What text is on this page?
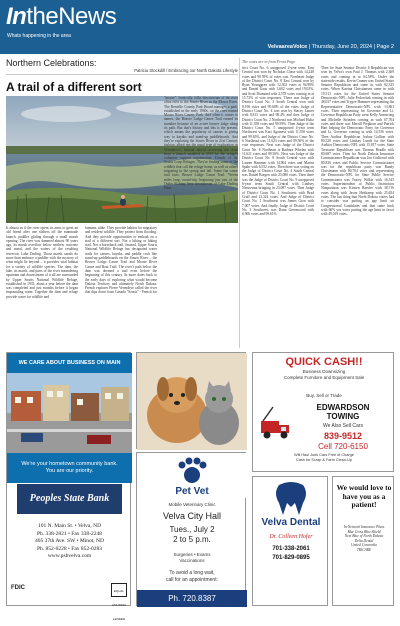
IntheNews
Whats happening in the area
VelvaareaVoice | Thursday, June 20, 2024 | Page 2
Northern Celebrations:	The votes are in from Front Page
Patricia Stockdill / Embracing our North Dakota Lifestyle
A trail of a different sort

It almost as if the river opens its arms to greet an old friend after one slithers off the manmade launch, paddles gliding through a small marsh opening. The river was dammed almost 90 years ago, its marsh overflow below earthen, concrete and metal, and the waters of the resulting reservoir, Lake Darling. Those marsh canals do more than embrace a paddler with the mystery of what might lie beyond – it provides vital habitat for a variety of wildlife species. The dam, the lake, its marsh, and parts of the river meandering upstream and downstream of it all are surrounded by Upper Souris National Wildlife Refuge, established in 1935, about a year before the dam was completed and just months before it began impounding water. Together the dam and refuge provide water for wildlife and

humans, alike. They provide habitat for migratory and resident wildlife. They protect from flooding. And they provide opportunities to embark on a trail of a different sort. Not a hiking or biking trail. Not a horseback trail. Instead, Upper Souris National Wildlife Refuge has designated water trails for canoes, kayaks, and paddle craft like stand-up paddleboards on the Souris River – the Beaver Lodge Canoe Trail and Mouse River Canoe and Boat Trail. The river's path below the dam was deemed a trail even before the beginning of this century. In more dates back to the early days of exploring what would become Dakota Territory and ultimately North Dakota. French explorer Pierre Verendrye called the river that dips down from Canada "Souris" - French for

"mouse". Ironically, folks downstream of the river often refer to the Souris River as the Mouse River. The Renville County Park Board manages a park, established in the early 1960s, on the river named Mouse River County Park. And when it comes to names, the Beaver Lodge Canoe Trail earned its moniker because of an active beaver lodge along its path. But that's history and this is the present, which means the popularity of canoes is giving way to kayaks and stand-up paddleboards. And they're exploring the Souris River in 21st Century fashion, albeit not the usual type of exploration as Verendrye's. Instead they're accessing the river from a launch installed in 2019 by the refuge's volunteer support organization, Friends of the Souris Loop Refuges. They're finding some of the wildlife that call the refuge home, as well as others migrating in the spring and fall. Some fun canoe trail facts: Beaver Lodge Canoe Trail: *Seven miles long, round-trip, beginning just east of the Outlet Fishing Area downstream of Lake Darling Dam.

trict Court No. 6 unopposed 2-year term. East Central was won by Nicholas Chase with 14,248 votes and 99.59% of votes cast. Northeast Judge of the District Court No. 8 East Central won by Ryan Younggren with 12,302 votes at 94.98% and Daniel Gaus with 3,602 votes and 19.02%, and Scott Diamond with 2,578 votes coming in at 15.73% of vote responses. There was Judge of District Court No. 3 South Central won with 8,196 votes and 99.68% of the votes. Judge of District Court No. 4 was won by Stacey Lauter with 8,815 votes and 98.4% and then Judge of District Court No. 2 Northeast was Michael Hultz with 11,558 votes and 99.59%. Then Judge of the District Court No. 5 unopposed 4-year term Northwest was Kari Agotness with 11,550 votes and 99.65%, and Judge of the District Court No. 6 Northeast was 11,623 votes and 99.56% of the vote responses. Next was Judge of the District Court No. 6 Northeast is Barbara Whelan with 11,621 votes and 99.56%. Next was Judge of the District Court No. 8 South Central won with Lauren Hammer with 14,904 votes and Marisa Spahr with 6,552 votes. Then there was voting on the Judge of District Court No. 4 South Central was Daniel Borgen with 23,080 votes. Then there was the Judge of District Court No. 9 unopposed 6-year term South Central with Lindsey Nieuwsma bringing in 23,087 votes. Then Judge of District Court No. 1 Southwest with Brad Cruff and 13,324 votes. And Judge of District Court No. 1 Southwest was James Gion with 7,007 votes. And finally, Judge of District Court No. 3 Southwest was Dann Greenwood with 6,966 votes and 99.61%.

Then for State Senator District 6 Republican was won by Velva's own Paul J. Thomas with 2,369 votes and coming in at 64.58%. Under the statewide results, Kevin Cramer was United States Senator Republican and came in with 82,325 votes. When Katrina Christiansen came in with 19,513 votes for the United States Senator Democratic-NPL, Julie Fedorchak coming in with 48,037 votes and Trygve Hammer representing the Representative Democratic-NPL with 13,861 votes. Then representing for Governor and Lt. Governor Republican Party went Kelly Armstrong and Michelle Strinden coming in with 67,704 votes and there was Merrill Piepkorn and Patrick Hart helping the Democratic Party for Governor and Lt. Governor coming in with 14,556 votes. Then Auditor Republican Joshua Gallion with 80,520 votes and Lindsay Lunde for the State Auditor Democratic-NPL with 15,817 votes. State Treasurer Republican was Thomas Beadle with 80,687 votes. Then for North Dakota Insurance Commissioner Republican was Jon Godfread with 80,836 votes and Public Service Commissioner was for the republican party was Randy Christmann with 80,704 votes and representing the Democratic-NPL for State Public Service Commissioner was Tracey Wilkie with 16,545 votes. Superintendent of Public Instruction Nonpartisan was Kirsten Baesler with 38,716 votes along with Jason Heitkamp with 25,654 votes. The last thing that North Dakota voters had to consider was putting an age limit on Congressional Candidates and that came back with 60% yes votes putting the age limit in favor with 49,019 votes.

WE CARE ABOUT BUSINESS ON MAIN
We're your hometown community bank.
You are our priority.
Peoples State Bank
101 N. Main St. • Velva, ND
Ph. 338-2821 • Fax 338-2248
405 37th Ave. SW • Minot, ND
Ph. 852-0228 • Fax 852-0283
www.psbvelva.com
FDIC	EQUAL HOUSING LENDER
Pet Vet
Mobile Veterinary Clinic
Velva City Hall
Tues., July 2
2 to 5 p.m.
Surgeries • Exams
Vaccinations
To avoid a long wait,
call for an appointment:
Ph. 720.8387
QUICK CASH!!
Business Downsizing
Complete Furniture and Equipment Sale
Buy, Sell or Trade
EDWARDSON
TOWING
We Also Sell Cars
839-9512
Cell 720-6150
Will Haul Junk Cars Free of Charge
Cash for Scrap & Farm Clean-Up
Velva Dental
Dr. Colleen Hofer
701-338-2061
701-829-0895
We would love to have you as a patient!
In-Network Insurance Plans
Blue Cross Blue Shield
Next Blue of North Dakota
Delta Dental
United Concordia
TRICARE
